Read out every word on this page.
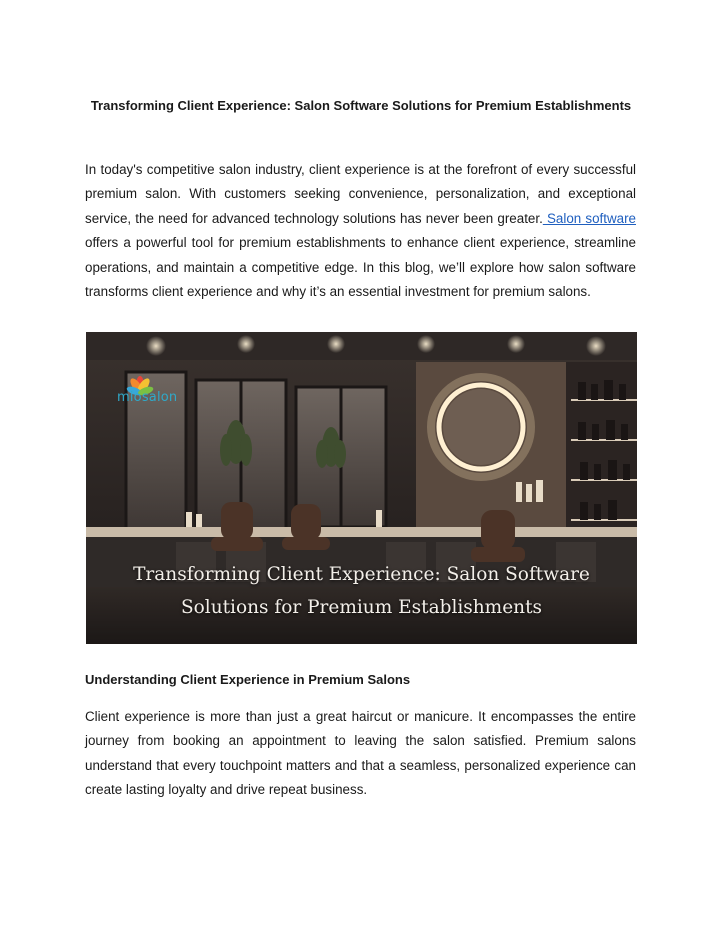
Transforming Client Experience: Salon Software Solutions for Premium Establishments
In today's competitive salon industry, client experience is at the forefront of every successful premium salon. With customers seeking convenience, personalization, and exceptional service, the need for advanced technology solutions has never been greater. Salon software offers a powerful tool for premium establishments to enhance client experience, streamline operations, and maintain a competitive edge. In this blog, we’ll explore how salon software transforms client experience and why it’s an essential investment for premium salons.
miosalon
Transforming Client Experience: Salon Software
Solutions for Premium Establishments
Understanding Client Experience in Premium Salons
Client experience is more than just a great haircut or manicure. It encompasses the entire journey from booking an appointment to leaving the salon satisfied. Premium salons understand that every touchpoint matters and that a seamless, personalized experience can create lasting loyalty and drive repeat business.
